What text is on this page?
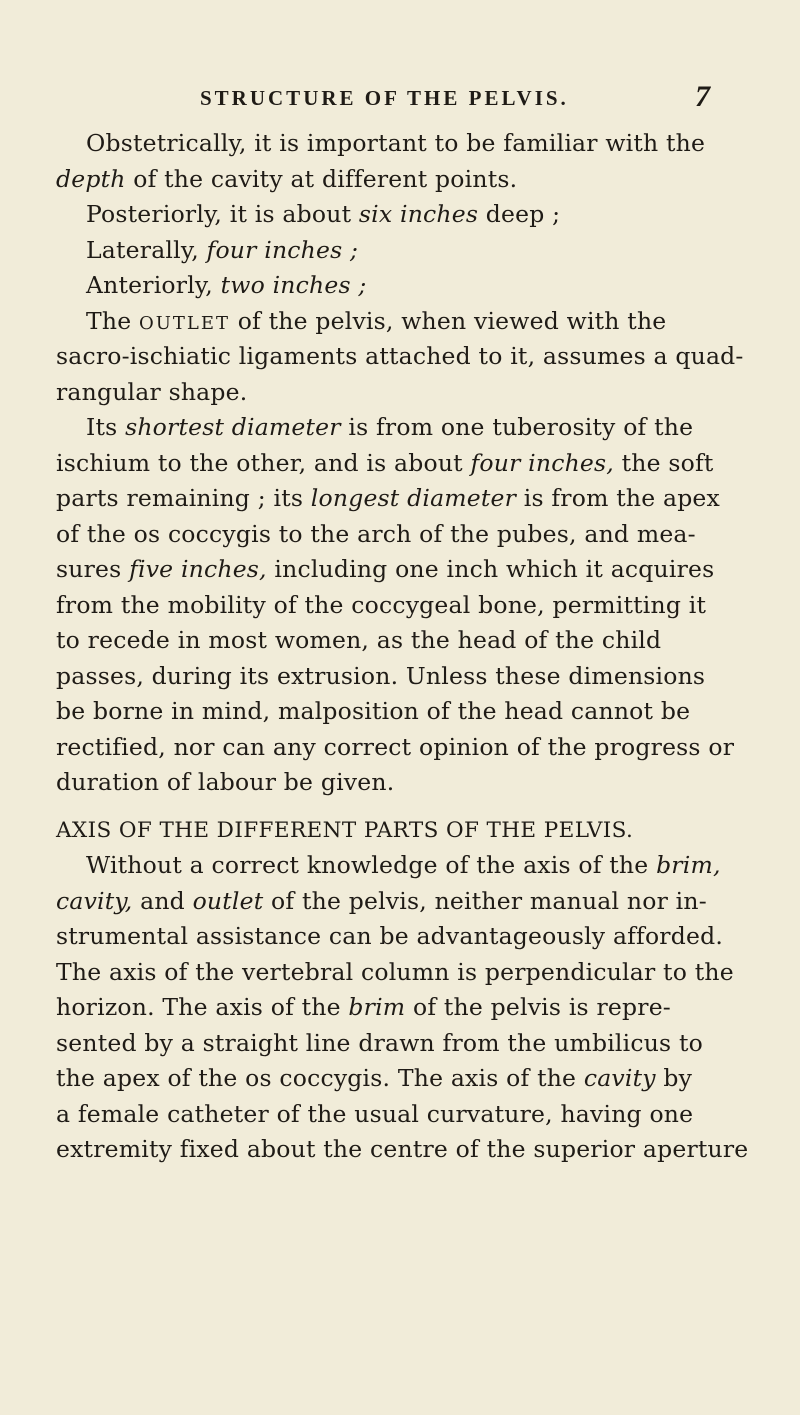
STRUCTURE OF THE PELVIS.	7
Obstetrically, it is important to be familiar with the
depth of the cavity at different points.
Posteriorly, it is about six inches deep ;
Laterally, four inches ;
Anteriorly, two inches ;
The OUTLET of the pelvis, when viewed with the
sacro-ischiatic ligaments attached to it, assumes a quad-
rangular shape.
Its shortest diameter is from one tuberosity of the
ischium to the other, and is about four inches, the soft
parts remaining ; its longest diameter is from the apex
of the os coccygis to the arch of the pubes, and mea-
sures five inches, including one inch which it acquires
from the mobility of the coccygeal bone, permitting it
to recede in most women, as the head of the child
passes, during its extrusion. Unless these dimensions
be borne in mind, malposition of the head cannot be
rectified, nor can any correct opinion of the progress or
duration of labour be given.
AXIS OF THE DIFFERENT PARTS OF THE PELVIS.
Without a correct knowledge of the axis of the brim,
cavity, and outlet of the pelvis, neither manual nor in-
strumental assistance can be advantageously afforded.
The axis of the vertebral column is perpendicular to the
horizon. The axis of the brim of the pelvis is repre-
sented by a straight line drawn from the umbilicus to
the apex of the os coccygis. The axis of the cavity by
a female catheter of the usual curvature, having one
extremity fixed about the centre of the superior aperture
